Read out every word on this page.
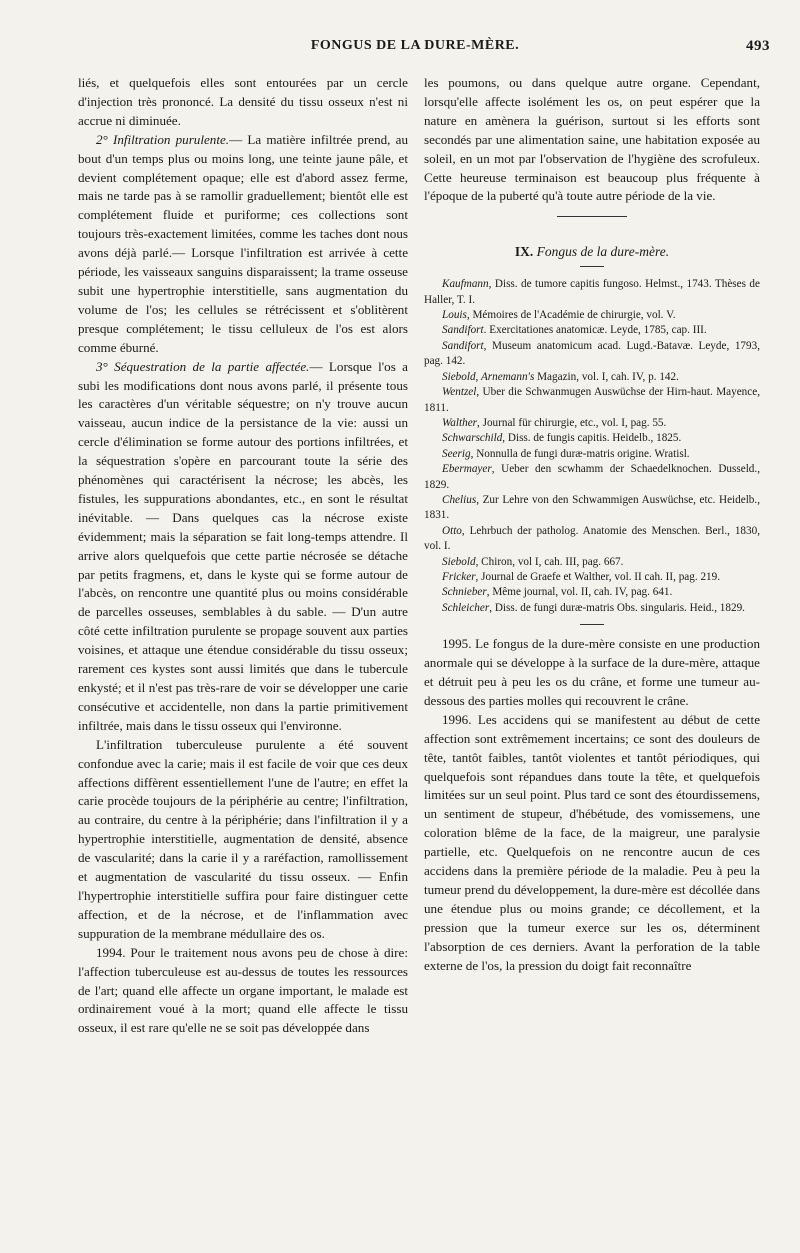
FONGUS DE LA DURE-MÈRE.	493

liés, et quelquefois elles sont entourées par un cercle d'injection très prononcé. La densité du tissu osseux n'est ni accrue ni diminuée.

2° Infiltration purulente.— La matière infiltrée prend, au bout d'un temps plus ou moins long, une teinte jaune pâle, et devient complétement opaque; elle est d'abord assez ferme, mais ne tarde pas à se ramollir graduellement; bientôt elle est complétement fluide et puriforme; ces collections sont toujours très-exactement limitées, comme les taches dont nous avons déjà parlé.— Lorsque l'infiltration est arrivée à cette période, les vaisseaux sanguins disparaissent; la trame osseuse subit une hypertrophie interstitielle, sans augmentation du volume de l'os; les cellules se rétrécissent et s'oblitèrent presque complétement; le tissu celluleux de l'os est alors comme éburné.

3° Séquestration de la partie affectée.— Lorsque l'os a subi les modifications dont nous avons parlé, il présente tous les caractères d'un véritable séquestre; on n'y trouve aucun vaisseau, aucun indice de la persistance de la vie: aussi un cercle d'élimination se forme autour des portions infiltrées, et la séquestration s'opère en parcourant toute la série des phénomènes qui caractérisent la nécrose; les abcès, les fistules, les suppurations abondantes, etc., en sont le résultat inévitable. — Dans quelques cas la nécrose existe évidemment; mais la séparation se fait long-temps attendre. Il arrive alors quelquefois que cette partie nécrosée se détache par petits fragmens, et, dans le kyste qui se forme autour de l'abcès, on rencontre une quantité plus ou moins considérable de parcelles osseuses, semblables à du sable. — D'un autre côté cette infiltration purulente se propage souvent aux parties voisines, et attaque une étendue considérable du tissu osseux; rarement ces kystes sont aussi limités que dans le tubercule enkysté; et il n'est pas très-rare de voir se développer une carie consécutive et accidentelle, non dans la partie primitivement infiltrée, mais dans le tissu osseux qui l'environne.

L'infiltration tuberculeuse purulente a été souvent confondue avec la carie; mais il est facile de voir que ces deux affections diffèrent essentiellement l'une de l'autre; en effet la carie procède toujours de la périphérie au centre; l'infiltration, au contraire, du centre à la périphérie; dans l'infiltration il y a hypertrophie interstitielle, augmentation de densité, absence de vascularité; dans la carie il y a raréfaction, ramollissement et augmentation de vascularité du tissu osseux. — Enfin l'hypertrophie interstitielle suffira pour faire distinguer cette affection, et de la nécrose, et de l'inflammation avec suppuration de la membrane médullaire des os.

1994. Pour le traitement nous avons peu de chose à dire: l'affection tuberculeuse est au-dessus de toutes les ressources de l'art; quand elle affecte un organe important, le malade est ordinairement voué à la mort; quand elle affecte le tissu osseux, il est rare qu'elle ne se soit pas développée dans

les poumons, ou dans quelque autre organe. Cependant, lorsqu'elle affecte isolément les os, on peut espérer que la nature en amènera la guérison, surtout si les efforts sont secondés par une alimentation saine, une habitation exposée au soleil, en un mot par l'observation de l'hygiène des scrofuleux. Cette heureuse terminaison est beaucoup plus fréquente à l'époque de la puberté qu'à toute autre période de la vie.

IX. Fongus de la dure-mère.

Kaufmann, Diss. de tumore capitis fungoso. Helmst., 1743. Thèses de Haller, T. I.

Louis, Mémoires de l'Académie de chirurgie, vol. V.

Sandifort. Exercitationes anatomicæ. Leyde, 1785, cap. III.

Sandifort, Museum anatomicum acad. Lugd.-Batavæ. Leyde, 1793, pag. 142.

Siebold, Arnemann's Magazin, vol. I, cah. IV, p. 142.

Wentzel, Uber die Schwanmugen Auswüchse der Hirn-haut. Mayence, 1811.

Walther, Journal für chirurgie, etc., vol. I, pag. 55.

Schwarschild, Diss. de fungis capitis. Heidelb., 1825.

Seerig, Nonnulla de fungi duræ-matris origine. Wratisl.

Ebermayer, Ueber den scwhamm der Schaedelknochen. Dusseld., 1829.

Chelius, Zur Lehre von den Schwammigen Auswüchse, etc. Heidelb., 1831.

Otto, Lehrbuch der patholog. Anatomie des Menschen. Berl., 1830, vol. I.

Siebold, Chiron, vol I, cah. III, pag. 667.

Fricker, Journal de Graefe et Walther, vol. II cah. II, pag. 219.

Schnieber, Même journal, vol. II, cah. IV, pag. 641.

Schleicher, Diss. de fungi duræ-matris Obs. singularis. Heid., 1829.

1995. Le fongus de la dure-mère consiste en une production anormale qui se développe à la surface de la dure-mère, attaque et détruit peu à peu les os du crâne, et forme une tumeur au-dessous des parties molles qui recouvrent le crâne.

1996. Les accidens qui se manifestent au début de cette affection sont extrêmement incertains; ce sont des douleurs de tête, tantôt faibles, tantôt violentes et tantôt périodiques, qui quelquefois sont répandues dans toute la tête, et quelquefois limitées sur un seul point. Plus tard ce sont des étourdissemens, un sentiment de stupeur, d'hébétude, des vomissemens, une coloration blême de la face, de la maigreur, une paralysie partielle, etc. Quelquefois on ne rencontre aucun de ces accidens dans la première période de la maladie. Peu à peu la tumeur prend du développement, la dure-mère est décollée dans une étendue plus ou moins grande; ce décollement, et la pression que la tumeur exerce sur les os, déterminent l'absorption de ces derniers. Avant la perforation de la table externe de l'os, la pression du doigt fait reconnaître
